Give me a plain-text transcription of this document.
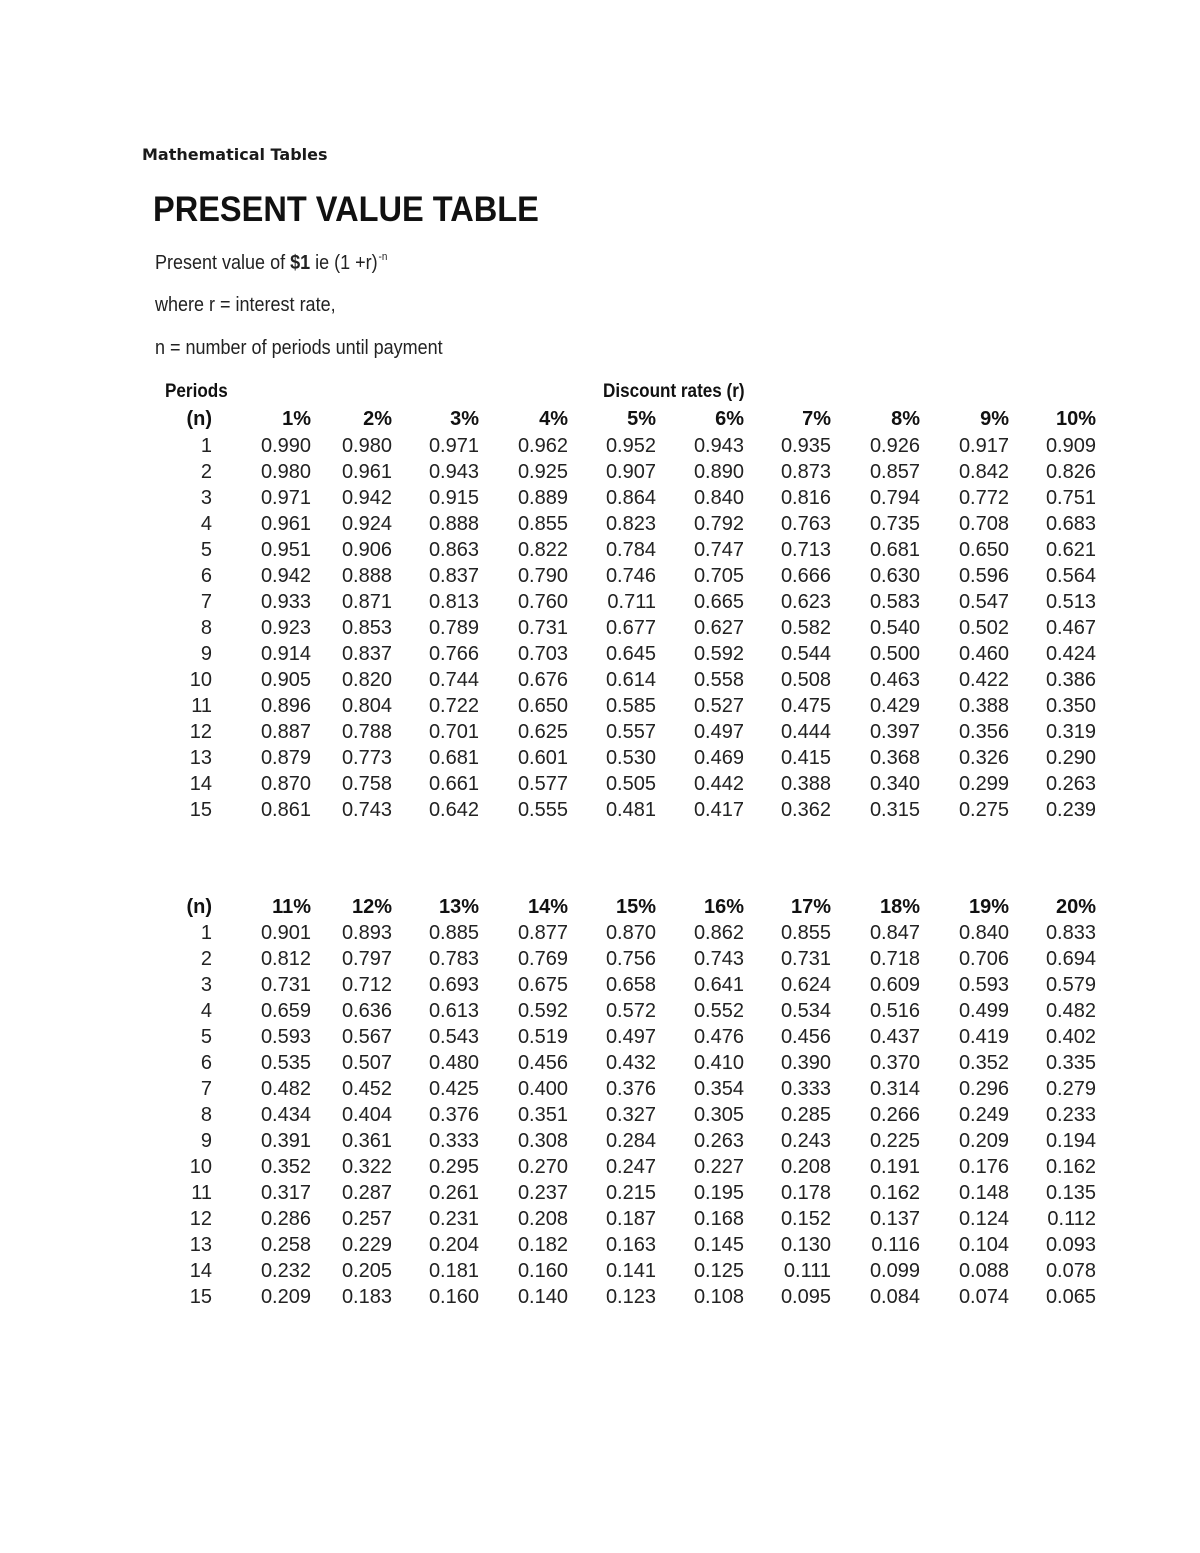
Mathematical Tables
PRESENT VALUE TABLE
Present value of $1 ie $(1 +r)^{-n}$
where r = interest rate,
n = number of periods until payment
Periods	Discount rates (r)
(n)	1%	2%	3%	4%	5%	6%	7%	8%	9%	10%
1	0.990	0.980	0.971	0.962	0.952	0.943	0.935	0.926	0.917	0.909
2	0.980	0.961	0.943	0.925	0.907	0.890	0.873	0.857	0.842	0.826
3	0.971	0.942	0.915	0.889	0.864	0.840	0.816	0.794	0.772	0.751
4	0.961	0.924	0.888	0.855	0.823	0.792	0.763	0.735	0.708	0.683
5	0.951	0.906	0.863	0.822	0.784	0.747	0.713	0.681	0.650	0.621
6	0.942	0.888	0.837	0.790	0.746	0.705	0.666	0.630	0.596	0.564
7	0.933	0.871	0.813	0.760	0.711	0.665	0.623	0.583	0.547	0.513
8	0.923	0.853	0.789	0.731	0.677	0.627	0.582	0.540	0.502	0.467
9	0.914	0.837	0.766	0.703	0.645	0.592	0.544	0.500	0.460	0.424
10	0.905	0.820	0.744	0.676	0.614	0.558	0.508	0.463	0.422	0.386
11	0.896	0.804	0.722	0.650	0.585	0.527	0.475	0.429	0.388	0.350
12	0.887	0.788	0.701	0.625	0.557	0.497	0.444	0.397	0.356	0.319
13	0.879	0.773	0.681	0.601	0.530	0.469	0.415	0.368	0.326	0.290
14	0.870	0.758	0.661	0.577	0.505	0.442	0.388	0.340	0.299	0.263
15	0.861	0.743	0.642	0.555	0.481	0.417	0.362	0.315	0.275	0.239
(n)	11%	12%	13%	14%	15%	16%	17%	18%	19%	20%
1	0.901	0.893	0.885	0.877	0.870	0.862	0.855	0.847	0.840	0.833
2	0.812	0.797	0.783	0.769	0.756	0.743	0.731	0.718	0.706	0.694
3	0.731	0.712	0.693	0.675	0.658	0.641	0.624	0.609	0.593	0.579
4	0.659	0.636	0.613	0.592	0.572	0.552	0.534	0.516	0.499	0.482
5	0.593	0.567	0.543	0.519	0.497	0.476	0.456	0.437	0.419	0.402
6	0.535	0.507	0.480	0.456	0.432	0.410	0.390	0.370	0.352	0.335
7	0.482	0.452	0.425	0.400	0.376	0.354	0.333	0.314	0.296	0.279
8	0.434	0.404	0.376	0.351	0.327	0.305	0.285	0.266	0.249	0.233
9	0.391	0.361	0.333	0.308	0.284	0.263	0.243	0.225	0.209	0.194
10	0.352	0.322	0.295	0.270	0.247	0.227	0.208	0.191	0.176	0.162
11	0.317	0.287	0.261	0.237	0.215	0.195	0.178	0.162	0.148	0.135
12	0.286	0.257	0.231	0.208	0.187	0.168	0.152	0.137	0.124	0.112
13	0.258	0.229	0.204	0.182	0.163	0.145	0.130	0.116	0.104	0.093
14	0.232	0.205	0.181	0.160	0.141	0.125	0.111	0.099	0.088	0.078
15	0.209	0.183	0.160	0.140	0.123	0.108	0.095	0.084	0.074	0.065
